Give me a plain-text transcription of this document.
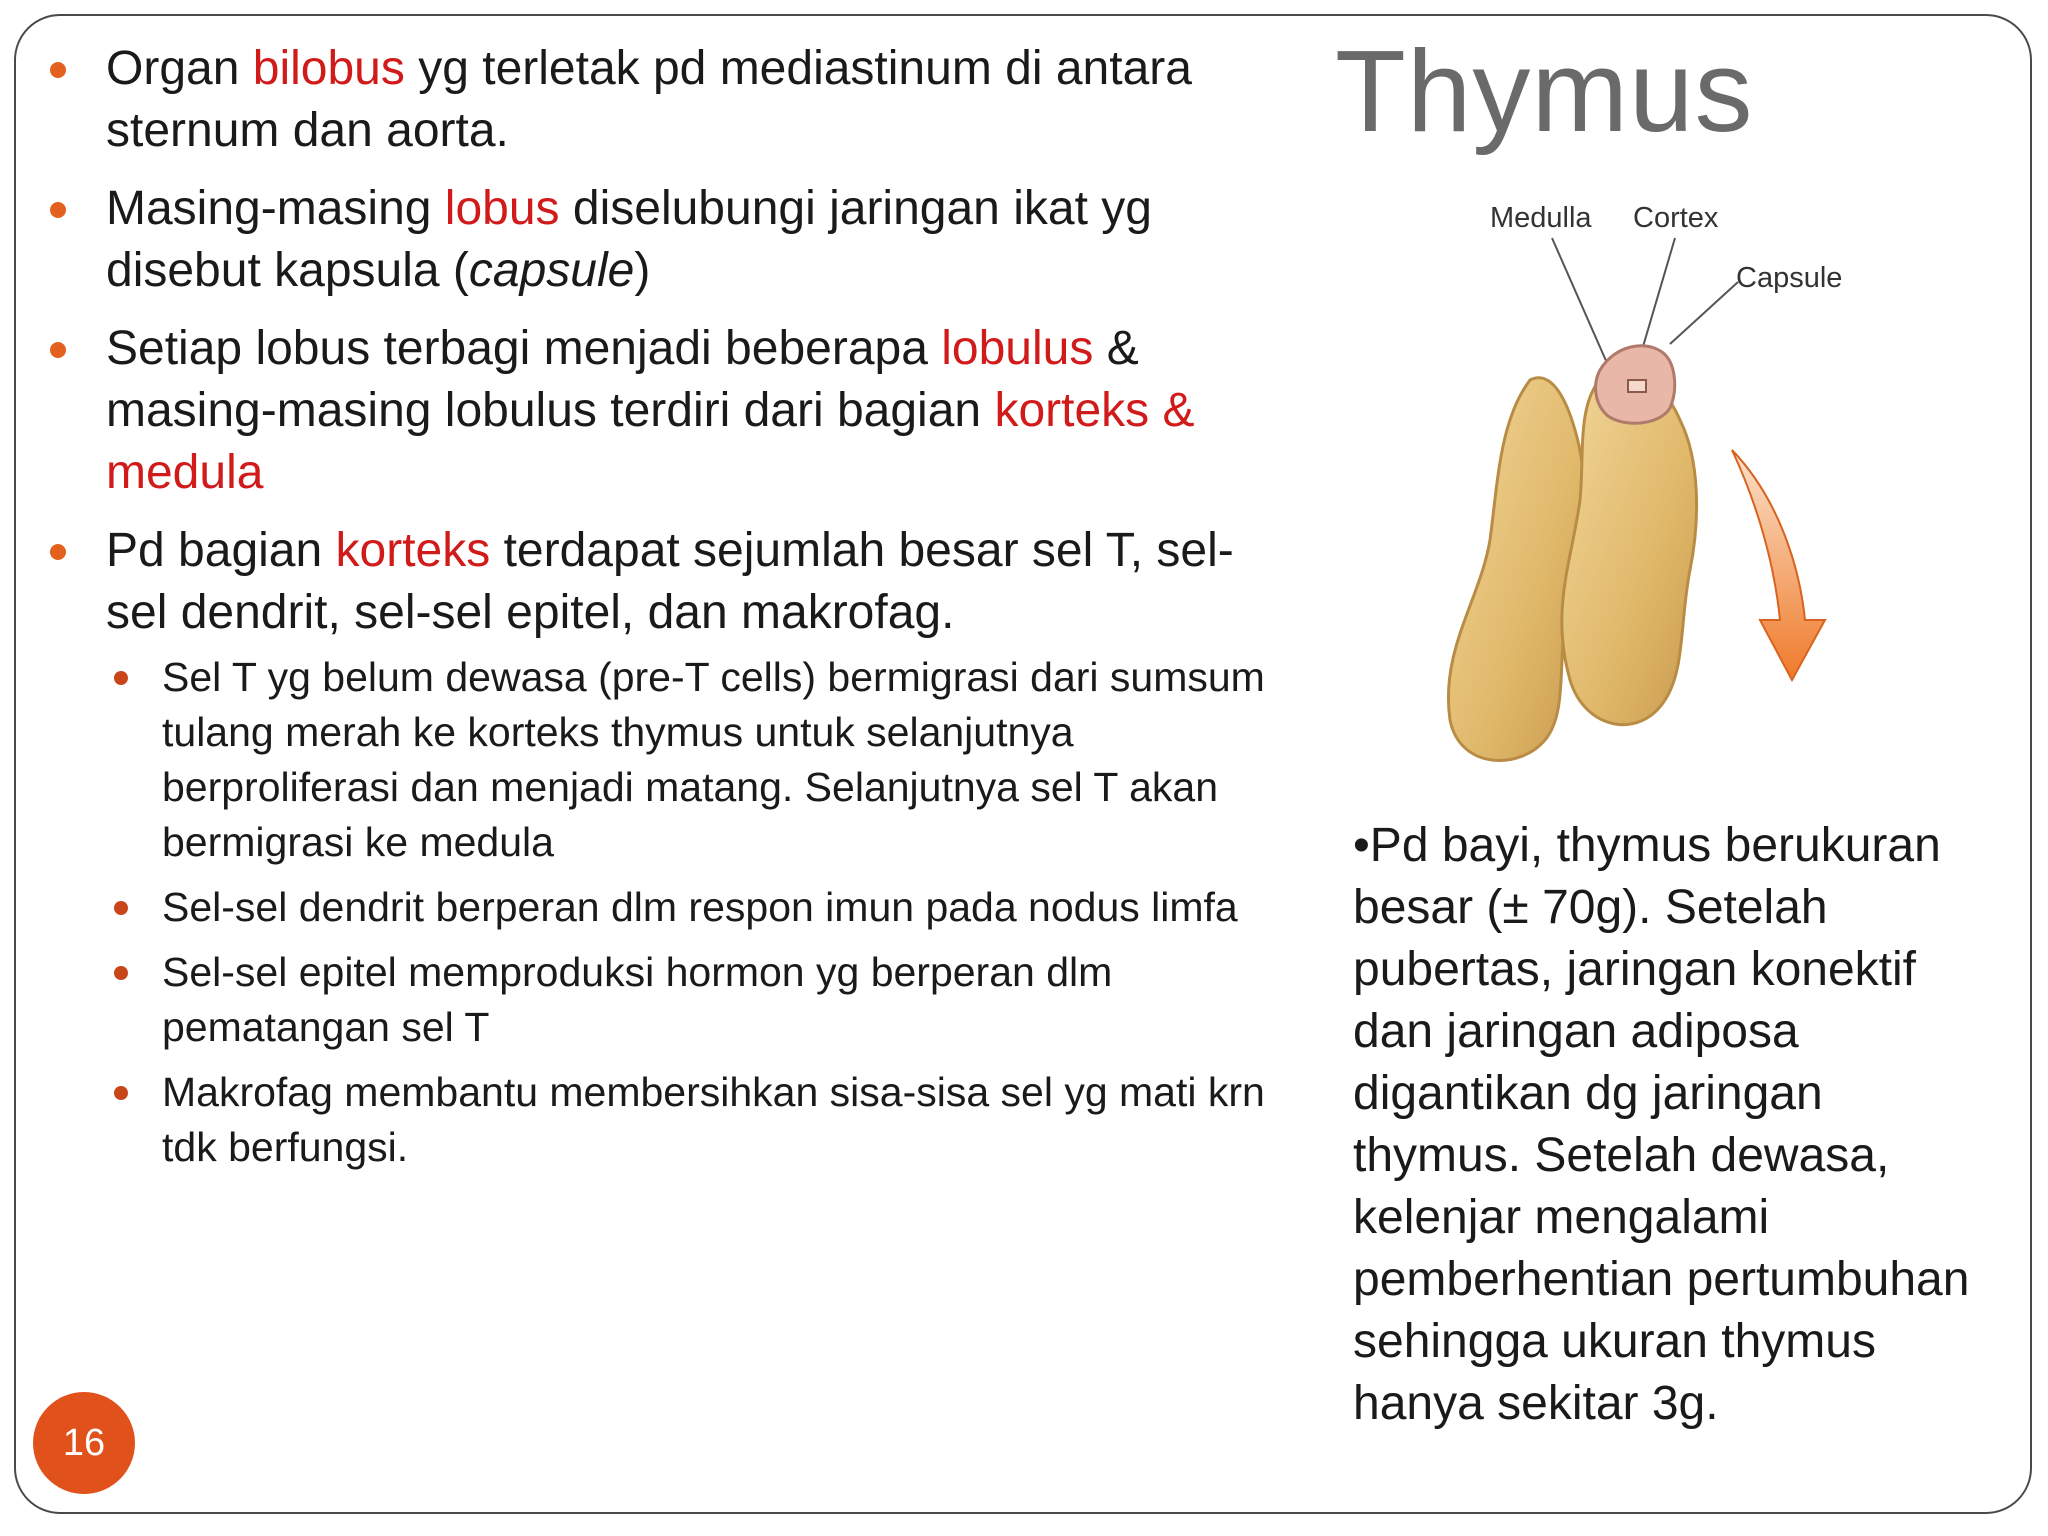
Thymus
Organ bilobus yg terletak pd mediastinum di antara sternum dan aorta.
Masing-masing lobus diselubungi jaringan ikat yg disebut kapsula (capsule)
Setiap lobus terbagi menjadi beberapa lobulus & masing-masing lobulus terdiri dari bagian korteks & medula
Pd bagian korteks terdapat sejumlah besar sel T, sel-sel dendrit, sel-sel epitel, dan makrofag.
Sel T yg belum dewasa (pre-T cells) bermigrasi dari sumsum tulang merah ke korteks thymus untuk selanjutnya berproliferasi dan menjadi matang. Selanjutnya sel T akan bermigrasi ke medula
Sel-sel dendrit berperan dlm respon imun pada nodus limfa
Sel-sel epitel memproduksi hormon yg berperan dlm pematangan sel T
Makrofag membantu membersihkan sisa-sisa sel yg mati krn tdk berfungsi.
Medulla Cortex
Capsule
•Pd bayi, thymus berukuran besar (± 70g). Setelah pubertas, jaringan konektif dan jaringan adiposa digantikan dg jaringan thymus. Setelah dewasa, kelenjar mengalami pemberhentian pertumbuhan sehingga ukuran thymus hanya sekitar 3g.
16
